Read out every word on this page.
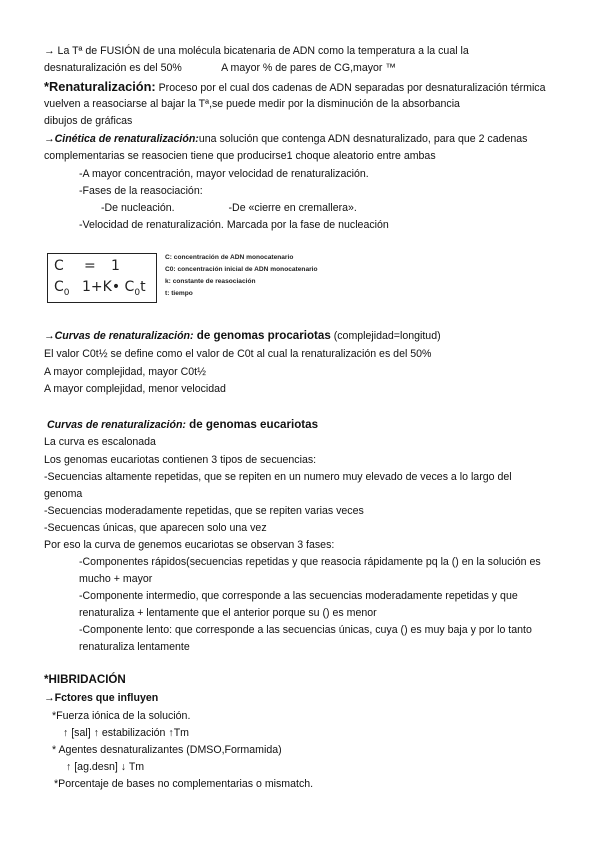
→ La Tª de FUSIÓN de una molécula bicatenaria de ADN como la temperatura a la cual la
desnaturalización es del 50%	A mayor % de pares de CG,mayor ™
*Renaturalización: Proceso por el cual dos cadenas de ADN separadas por desnaturalización térmica
vuelven a reasociarse al bajar la Tª,se puede medir por la disminución de la absorbancia
dibujos de gráficas
→Cinética de renaturalización:una solución que contenga ADN desnaturalizado, para que 2 cadenas
complementarias se reasocien tiene que producirse1 choque aleatorio entre ambas
-A mayor concentración, mayor velocidad de renaturalización.
-Fases de la reasociación:
-De nucleación.	-De «cierre en cremallera».
-Velocidad de renaturalización. Marcada por la fase de nucleación
C = 1
$C_0$ 1+K• $C_0t$
C: concentración de ADN monocatenario
C0: concentración inicial de ADN monocatenario
k: constante de reasociación
t: tiempo
→Curvas de renaturalización: de genomas procariotas (complejidad=longitud)
El valor C0t½ se define como el valor de C0t al cual la renaturalización es del 50%
A mayor complejidad, mayor C0t½
A mayor complejidad, menor velocidad
Curvas de renaturalización: de genomas eucariotas
La curva es escalonada
Los genomas eucariotas contienen 3 tipos de secuencias:
-Secuencias altamente repetidas, que se repiten en un numero muy elevado de veces a lo largo del
genoma
-Secuencias moderadamente repetidas, que se repiten varias veces
-Secuencas únicas, que aparecen solo una vez
Por eso la curva de genemos eucariotas se observan 3 fases:
-Componentes rápidos(secuencias repetidas y que reasocia rápidamente pq la () en la solución es
mucho + mayor
-Componente intermedio, que corresponde a las secuencias moderadamente repetidas y que
renaturaliza + lentamente que el anterior porque su () es menor
-Componente lento: que corresponde a las secuencias únicas, cuya () es muy baja y por lo tanto
renaturaliza lentamente
*HIBRIDACIÓN
→Fctores que influyen
*Fuerza iónica de la solución.
↑ [sal] ↑ estabilización ↑Tm
* Agentes desnaturalizantes (DMSO,Formamida)
↑ [ag.desn] ↓ Tm
*Porcentaje de bases no complementarias o mismatch.
